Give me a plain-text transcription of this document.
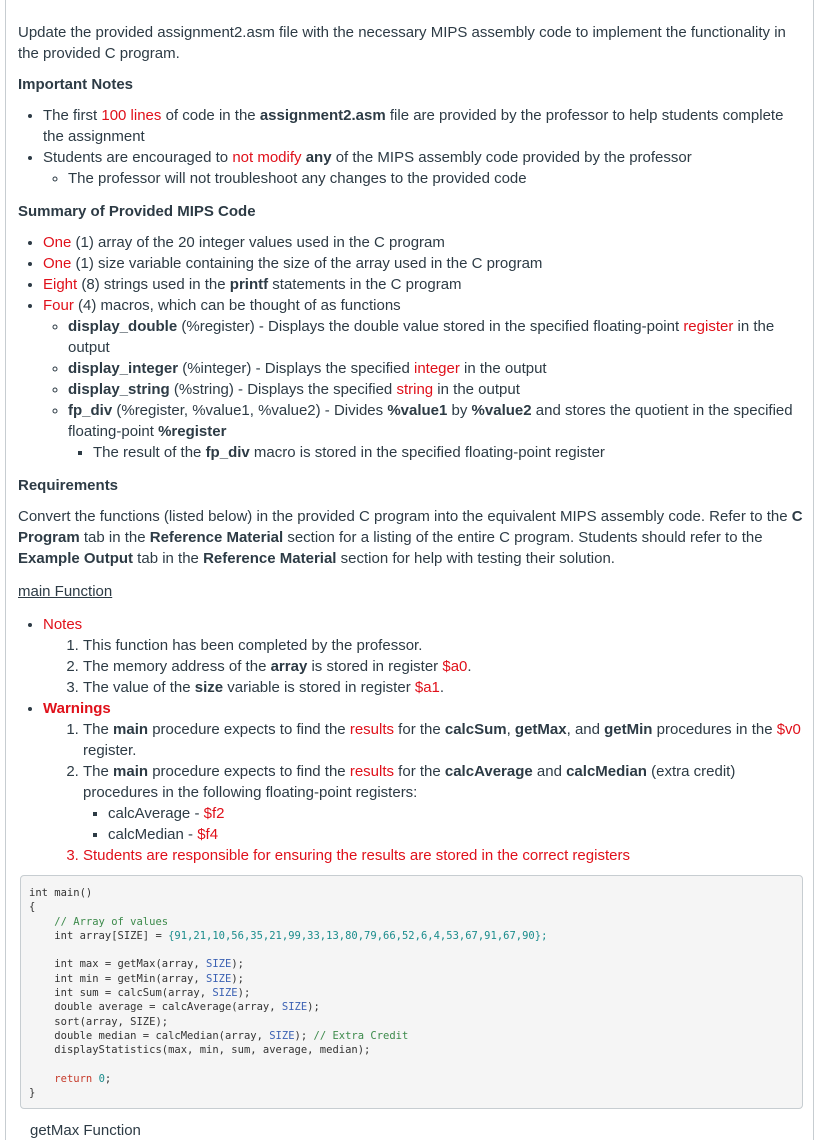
Update the provided assignment2.asm file with the necessary MIPS assembly code to implement the functionality in the provided C program.

Important Notes
• The first 100 lines of code in the assignment2.asm file are provided by the professor to help students complete the assignment
• Students are encouraged to not modify any of the MIPS assembly code provided by the professor
◦ The professor will not troubleshoot any changes to the provided code
Summary of Provided MIPS Code
• One (1) array of the 20 integer values used in the C program
• One (1) size variable containing the size of the array used in the C program
• Eight (8) strings used in the printf statements in the C program
• Four (4) macros, which can be thought of as functions
◦ display_double (%register) - Displays the double value stored in the specified floating-point register in the output
◦ display_integer (%integer) - Displays the specified integer in the output
◦ display_string (%string) - Displays the specified string in the output
◦ fp_div (%register, %value1, %value2) - Divides %value1 by %value2 and stores the quotient in the specified floating-point %register
▪ The result of the fp_div macro is stored in the specified floating-point register
Requirements

Convert the functions (listed below) in the provided C program into the equivalent MIPS assembly code. Refer to the C Program tab in the Reference Material section for a listing of the entire C program. Students should refer to the Example Output tab in the Reference Material section for help with testing their solution.

main Function

• Notes
1. This function has been completed by the professor.
2. The memory address of the array is stored in register $a0.
3. The value of the size variable is stored in register $a1.
• Warnings
1. The main procedure expects to find the results for the calcSum, getMax, and getMin procedures in the $v0 register.
2. The main procedure expects to find the results for the calcAverage and calcMedian (extra credit) procedures in the following floating-point registers:
▪ calcAverage - $f2
▪ calcMedian - $f4
3. Students are responsible for ensuring the results are stored in the correct registers
int main()
{
// Array of values
int array[SIZE] = {91,21,10,56,35,21,99,33,13,80,79,66,52,6,4,53,67,91,67,90};

int max = getMax(array, SIZE);
int min = getMin(array, SIZE);
int sum = calcSum(array, SIZE);
double average = calcAverage(array, SIZE);
sort(array, SIZE);
double median = calcMedian(array, SIZE); // Extra Credit
displayStatistics(max, min, sum, average, median);

return 0;
}
getMax Function
